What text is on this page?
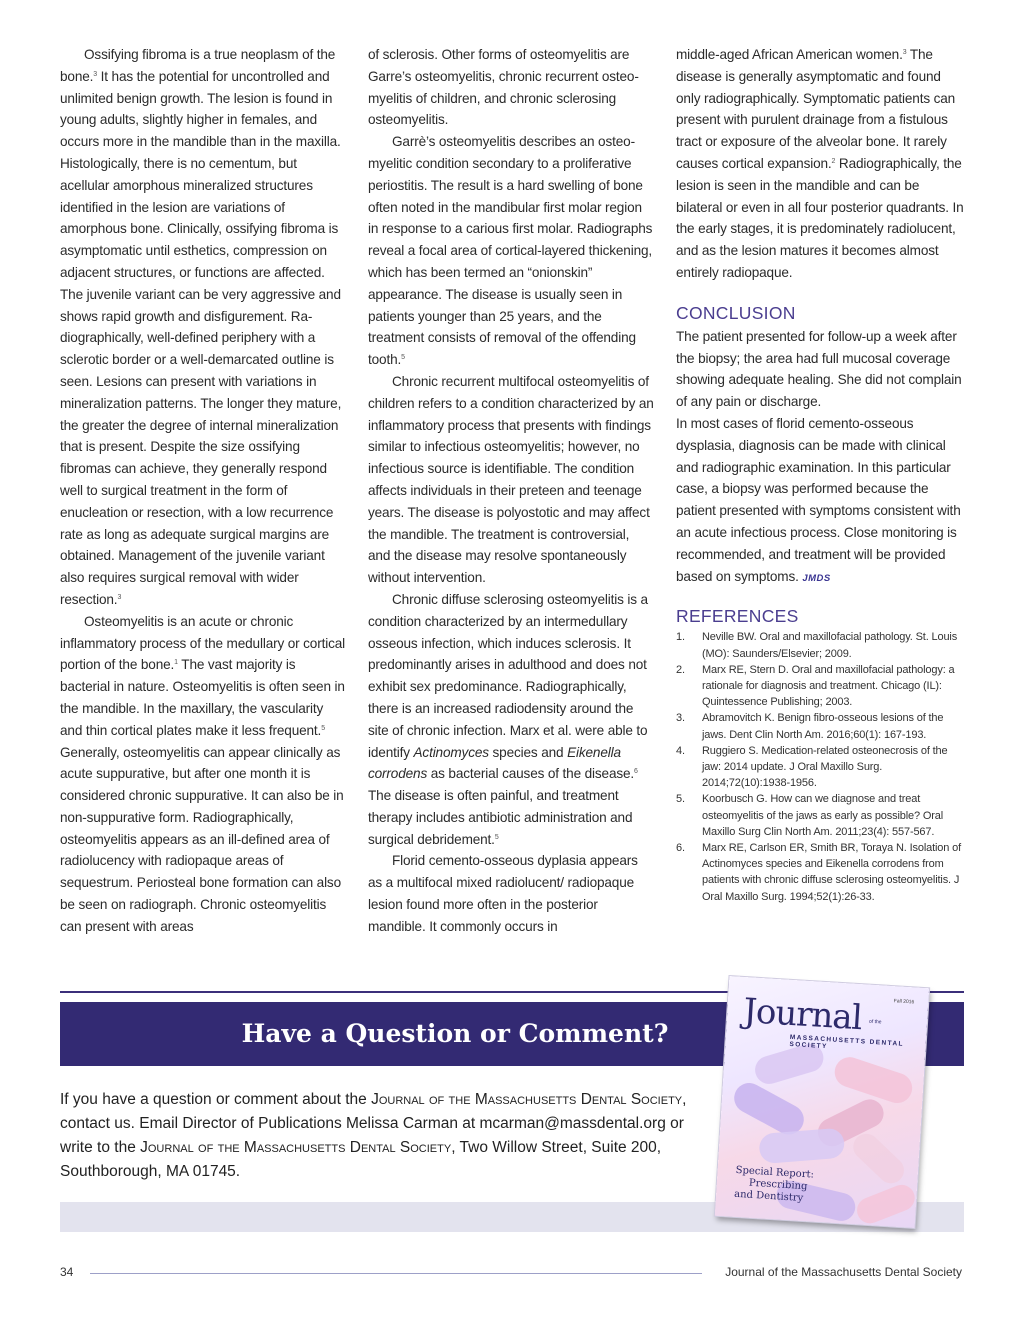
Ossifying fibroma is a true neoplasm of the bone.$^3$ It has the potential for uncontrolled and unlimited benign growth. The lesion is found in young adults, slightly higher in females, and occurs more in the mandible than in the maxilla. Histologically, there is no cementum, but acellular amorphous mineralized structures identified in the lesion are variations of amorphous bone. Clinically, ossifying fibroma is asymptomatic until esthetics, compression on adjacent structures, or functions are affected. The juvenile variant can be very aggressive and shows rapid growth and disfigurement. Radiographically, well-defined periphery with a sclerotic border or a well-demarcated outline is seen. Lesions can present with variations in mineralization patterns. The longer they mature, the greater the degree of internal mineralization that is present. Despite the size ossifying fibromas can achieve, they generally respond well to surgical treatment in the form of enucleation or resection, with a low recurrence rate as long as adequate surgical margins are obtained. Management of the juvenile variant also requires surgical removal with wider resection.$^3$

Osteomyelitis is an acute or chronic inflammatory process of the medullary or cortical portion of the bone.$^1$ The vast majority is bacterial in nature. Osteomyelitis is often seen in the mandible. In the maxillary, the vascularity and thin cortical plates make it less frequent.$^5$ Generally, osteomyelitis can appear clinically as acute suppurative, but after one month it is considered chronic suppurative. It can also be in non-suppurative form. Radiographically, osteomyelitis appears as an ill-defined area of radiolucency with radiopaque areas of sequestrum. Periosteal bone formation can also be seen on radiograph. Chronic osteomyelitis can present with areas

of sclerosis. Other forms of osteomyelitis are Garre’s osteomyelitis, chronic recurrent osteomyelitis of children, and chronic sclerosing osteomyelitis.

Garrè’s osteomyelitis describes an osteomyelitic condition secondary to a proliferative periostitis. The result is a hard swelling of bone often noted in the mandibular first molar region in response to a carious first molar. Radiographs reveal a focal area of cortical-layered thickening, which has been termed an “onionskin” appearance. The disease is usually seen in patients younger than 25 years, and the treatment consists of removal of the offending tooth.$^5$

Chronic recurrent multifocal osteomyelitis of children refers to a condition characterized by an inflammatory process that presents with findings similar to infectious osteomyelitis; however, no infectious source is identifiable. The condition affects individuals in their preteen and teenage years. The disease is polyostotic and may affect the mandible. The treatment is controversial, and the disease may resolve spontaneously without intervention.

Chronic diffuse sclerosing osteomyelitis is a condition characterized by an intermedullary osseous infection, which induces sclerosis. It predominantly arises in adulthood and does not exhibit sex predominance. Radiographically, there is an increased radiodensity around the site of chronic infection. Marx et al. were able to identify Actinomyces species and Eikenella corrodens as bacterial causes of the disease.$^6$ The disease is often painful, and treatment therapy includes antibiotic administration and surgical debridement.$^5$

Florid cemento-osseous dyplasia appears as a multifocal mixed radiolucent/ radiopaque lesion found more often in the posterior mandible. It commonly occurs in

middle-aged African American women.$^3$ The disease is generally asymptomatic and found only radiographically. Symptomatic patients can present with purulent drainage from a fistulous tract or exposure of the alveolar bone. It rarely causes cortical expansion.$^2$ Radiographically, the lesion is seen in the mandible and can be bilateral or even in all four posterior quadrants. In the early stages, it is predominately radiolucent, and as the lesion matures it becomes almost entirely radiopaque.

CONCLUSION

The patient presented for follow-up a week after the biopsy; the area had full mucosal coverage showing adequate healing. She did not complain of any pain or discharge.

In most cases of florid cemento-osseous dysplasia, diagnosis can be made with clinical and radiographic examination. In this particular case, a biopsy was performed because the patient presented with symptoms consistent with an acute infectious process. Close monitoring is recommended, and treatment will be provided based on symptoms. JMDS

REFERENCES
1. Neville BW. Oral and maxillofacial pathology. St. Louis (MO): Saunders/Elsevier; 2009.
2. Marx RE, Stern D. Oral and maxillofacial pathology: a rationale for diagnosis and treatment. Chicago (IL): Quintessence Publishing; 2003.
3. Abramovitch K. Benign fibro-osseous lesions of the jaws. Dent Clin North Am. 2016;60(1): 167-193.
4. Ruggiero S. Medication-related osteonecrosis of the jaw: 2014 update. J Oral Maxillo Surg. 2014;72(10):1938-1956.
5. Koorbusch G. How can we diagnose and treat osteomyelitis of the jaws as early as possible? Oral Maxillo Surg Clin North Am. 2011;23(4): 557-567.
6. Marx RE, Carlson ER, Smith BR, Toraya N. Isolation of Actinomyces species and Eikenella corrodens from patients with chronic diffuse sclerosing osteomyelitis. J Oral Maxillo Surg. 1994;52(1):26-33.
Have a Question or Comment?
If you have a question or comment about the Journal of the Massachusetts Dental Society, contact us. Email Director of Publications Melissa Carman at mcarman@massdental.org or write to the Journal of the Massachusetts Dental Society, Two Willow Street, Suite 200, Southborough, MA 01745.
Fall 2016
Journal of the
MASSACHUSETTS DENTAL SOCIETY
Special Report:
Prescribing
and Dentistry
34	Journal of the Massachusetts Dental Society
